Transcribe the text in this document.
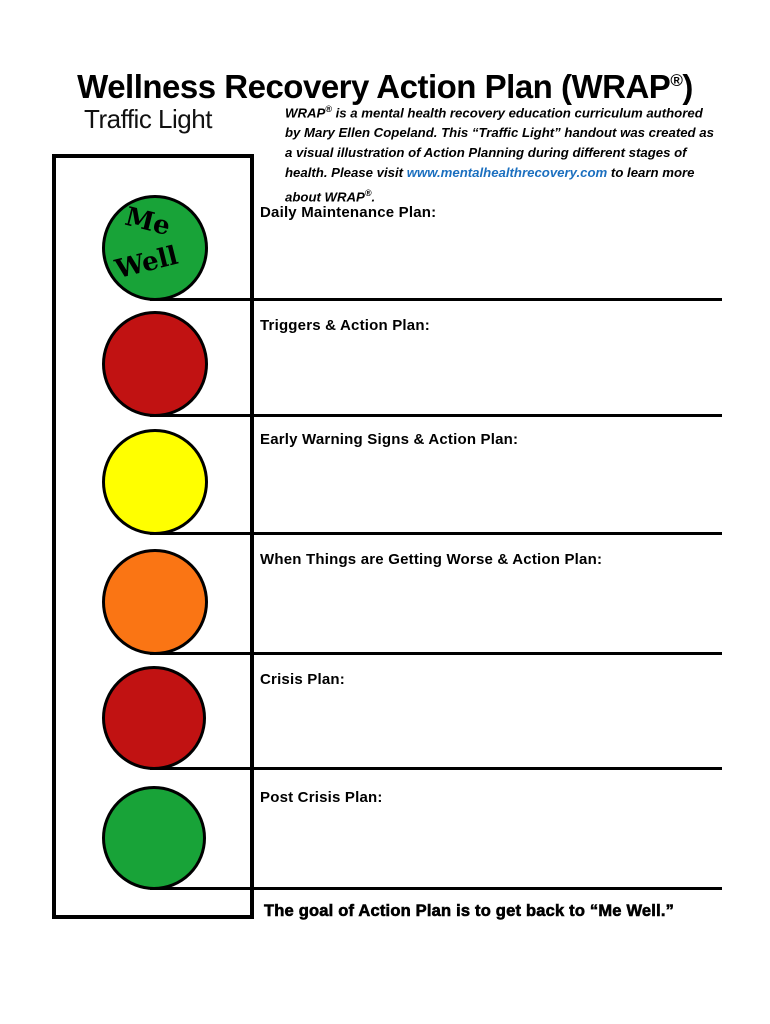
Wellness Recovery Action Plan (WRAP®)
Traffic Light	WRAP® is a mental health recovery education curriculum authored by Mary Ellen Copeland. This “Traffic Light” handout was created as a visual illustration of Action Planning during different stages of health. Please visit www.mentalhealthrecovery.com to learn more about WRAP®.

Me
Well
Daily Maintenance Plan:
Triggers & Action Plan:
Early Warning Signs & Action Plan:
When Things are Getting Worse & Action Plan:
Crisis Plan:
Post Crisis Plan:
The goal of Action Plan is to get back to “Me Well.”
